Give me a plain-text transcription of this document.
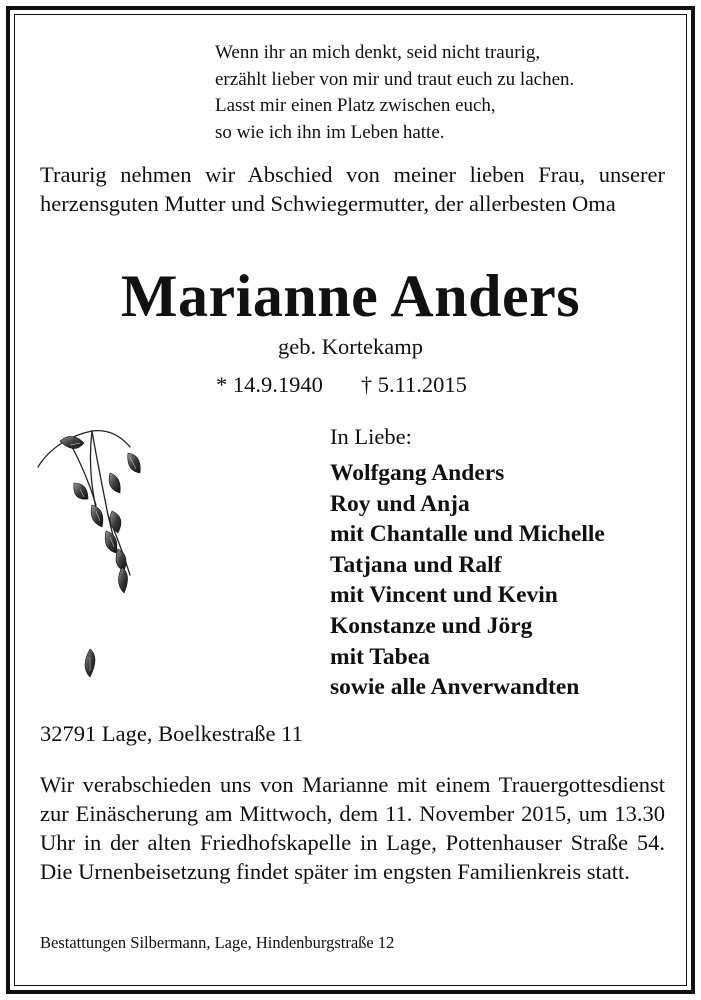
Wenn ihr an mich denkt, seid nicht traurig,
erzählt lieber von mir und traut euch zu lachen.
Lasst mir einen Platz zwischen euch,
so wie ich ihn im Leben hatte.
Traurig nehmen wir Abschied von meiner lieben Frau, unserer herzensguten Mutter und Schwiegermutter, der allerbesten Oma
Marianne Anders
geb. Kortekamp
* 14.9.1940 † 5.11.2015
In Liebe:
Wolfgang Anders
Roy und Anja
mit Chantalle und Michelle
Tatjana und Ralf
mit Vincent und Kevin
Konstanze und Jörg
mit Tabea
sowie alle Anverwandten
32791 Lage, Boelkestraße 11
Wir verabschieden uns von Marianne mit einem Trauergottesdienst zur Einäscherung am Mittwoch, dem 11. November 2015, um 13.30 Uhr in der alten Friedhofskapelle in Lage, Pottenhauser Straße 54. Die Urnenbeisetzung findet später im engsten Familienkreis statt.
Bestattungen Silbermann, Lage, Hindenburgstraße 12
